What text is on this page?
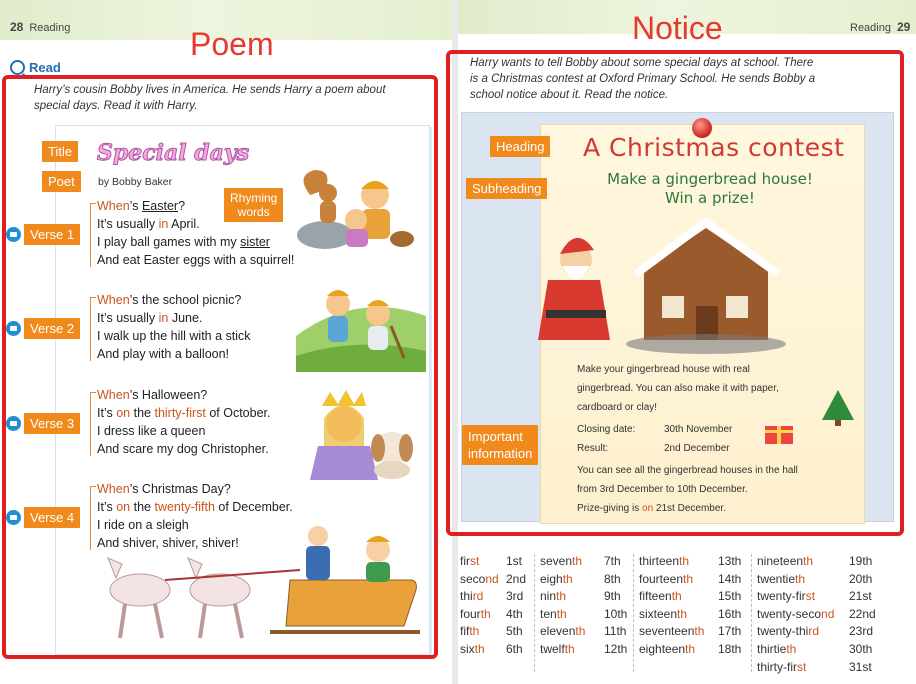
28 Reading	Reading 29
Poem	Notice
Read
Harry’s cousin Bobby lives in America. He sends Harry a poem about
special days. Read it with Harry.
Title
Poet
Special days
by Bobby Baker
Rhyming
words
Verse 1
Verse 2
Verse 3
Verse 4
When’s Easter?
It’s usually in April.
I play ball games with my sister
And eat Easter eggs with a squirrel!
When’s the school picnic?
It’s usually in June.
I walk up the hill with a stick
And play with a balloon!
When’s Halloween?
It’s on the thirty-first of October.
I dress like a queen
And scare my dog Christopher.
When’s Christmas Day?
It’s on the twenty-fifth of December.
I ride on a sleigh
And shiver, shiver, shiver!
Harry wants to tell Bobby about some special days at school. There
is a Christmas contest at Oxford Primary School. He sends Bobby a
school notice about it. Read the notice.
Heading
Subheading
Important
information
A Christmas contest
Make a gingerbread house!
Win a prize!
Make your gingerbread house with real
gingerbread. You can also make it with paper,
cardboard or clay!
Closing date:	30th November
Result:	2nd December
You can see all the gingerbread houses in the hall
from 3rd December to 10th December.
Prize-giving is on 21st December.
first 1st
second 2nd
third 3rd
fourth 4th
fifth 5th
sixth 6th
seventh 7th
eighth	8th
ninth	9th
tenth	10th
eleventh 11th
twelfth 12th
thirteenth 13th
fourteenth 14th
fifteenth	15th
sixteenth	16th
seventeenth 17th
eighteenth 18th
nineteenth	19th
twentieth	20th
twenty-first	21st
twenty-second 22nd
twenty-third 23rd
thirtieth	30th
thirty-first	31st
